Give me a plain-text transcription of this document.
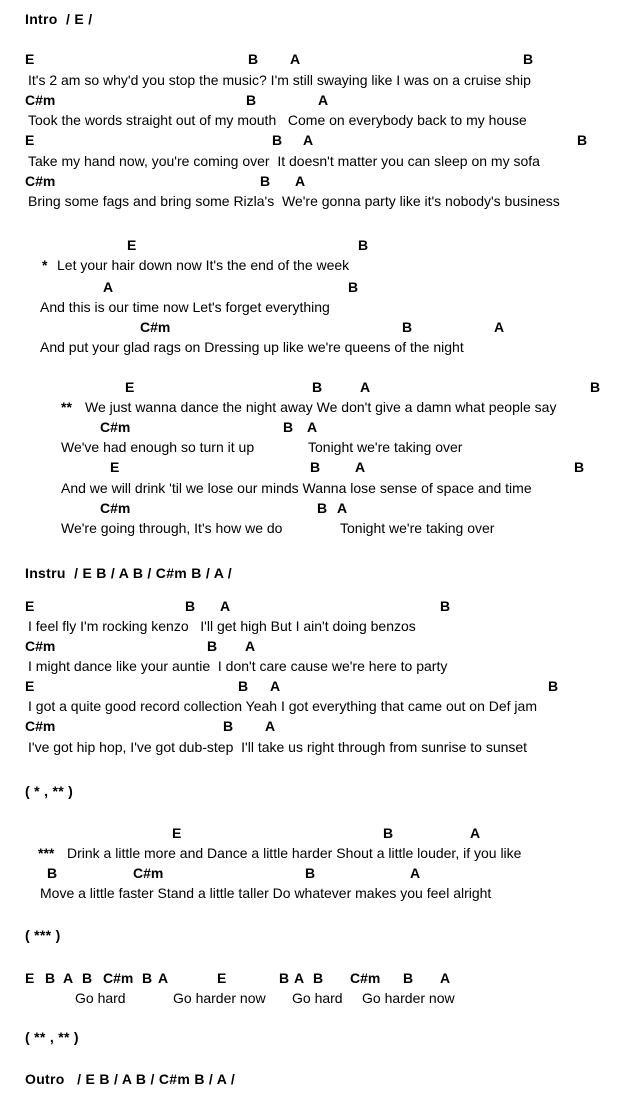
Intro  / E /
E	B A	B
It's 2 am so why'd you stop the music? I'm still swaying like I was on a cruise ship
C#m	B	A
Took the words straight out of my mouth   Come on everybody back to my house
E	B A	B
Take my hand now, you're coming over  It doesn't matter you can sleep on my sofa
C#m	B A
Bring some fags and bring some Rizla's  We're gonna party like it's nobody's business
E	B
* Let your hair down now It's the end of the week
A	B
And this is our time now Let's forget everything
C#m	B	A
And put your glad rags on Dressing up like we're queens of the night
E	B	A	B
** We just wanna dance the night away We don't give a damn what people say
C#m	B A
We've had enough so turn it up	Tonight we're taking over
E	B A	B
And we will drink 'til we lose our minds Wanna lose sense of space and time
C#m	B A
We're going through, It's how we do	Tonight we're taking over
Instru  / E B / A B / C#m B / A /
E	B A	B
I feel fly I'm rocking kenzo   I'll get high But I ain't doing benzos
C#m	B A
I might dance like your auntie  I don't care cause we're here to party
E	B A	B
I got a quite good record collection Yeah I got everything that came out on Def jam
C#m	B A
I've got hip hop, I've got dub-step  I'll take us right through from sunrise to sunset
( * , ** )
E	B	A
*** Drink a little more and Dance a little harder Shout a little louder, if you like
B	C#m	B	A
Move a little faster Stand a little taller Do whatever makes you feel alright
( *** )
E B A B C#m B A	E	B A B C#m B A
Go hard	Go harder now Go hard Go harder now
( ** , ** )
Outro   / E B / A B / C#m B / A /
